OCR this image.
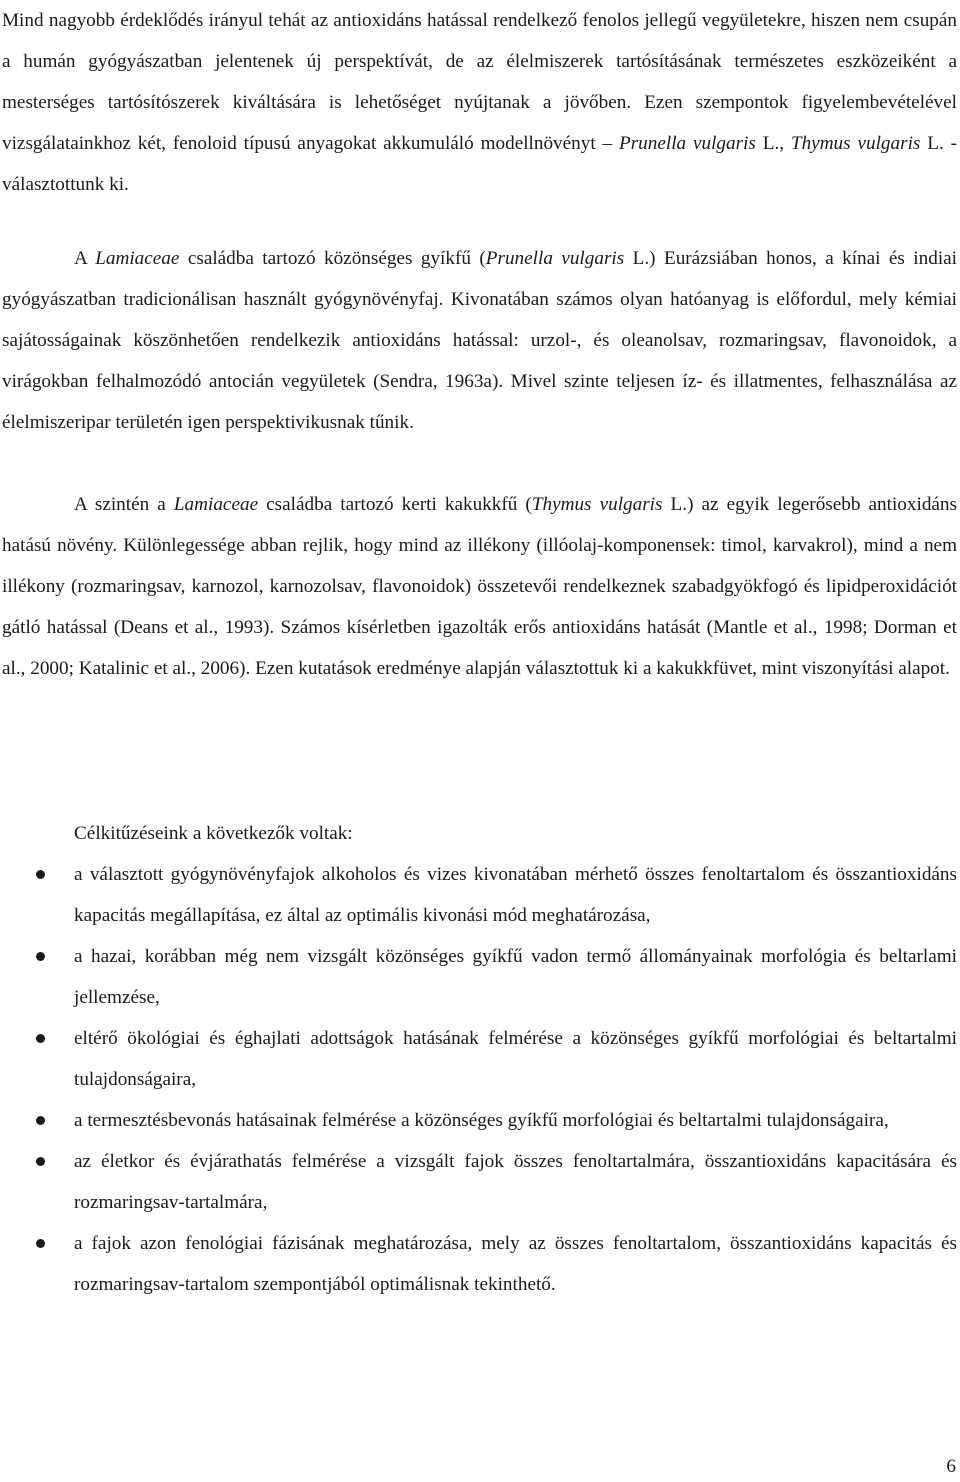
Mind nagyobb érdeklődés irányul tehát az antioxidáns hatással rendelkező fenolos jellegű vegyületekre, hiszen nem csupán a humán gyógyászatban jelentenek új perspektívát, de az élelmiszerek tartósításának természetes eszközeiként a mesterséges tartósítószerek kiváltására is lehetőséget nyújtanak a jövőben. Ezen szempontok figyelembevételével vizsgálatainkhoz két, fenoloid típusú anyagokat akkumuláló modellnövényt – Prunella vulgaris L., Thymus vulgaris L. - választottunk ki.

A Lamiaceae családba tartozó közönséges gyíkfű (Prunella vulgaris L.) Eurázsiában honos, a kínai és indiai gyógyászatban tradicionálisan használt gyógynövényfaj. Kivonatában számos olyan hatóanyag is előfordul, mely kémiai sajátosságainak köszönhetően rendelkezik antioxidáns hatással: urzol-, és oleanolsav, rozmaringsav, flavonoidok, a virágokban felhalmozódó antocián vegyületek (Sendra, 1963a). Mivel szinte teljesen íz- és illatmentes, felhasználása az élelmiszeripar területén igen perspektivikusnak tűnik.

A szintén a Lamiaceae családba tartozó kerti kakukkfű (Thymus vulgaris L.) az egyik legerősebb antioxidáns hatású növény. Különlegessége abban rejlik, hogy mind az illékony (illóolaj-komponensek: timol, karvakrol), mind a nem illékony (rozmaringsav, karnozol, karnozolsav, flavonoidok) összetevői rendelkeznek szabadgyökfogó és lipidperoxidációt gátló hatással (Deans et al., 1993). Számos kísérletben igazolták erős antioxidáns hatását (Mantle et al., 1998; Dorman et al., 2000; Katalinic et al., 2006). Ezen kutatások eredménye alapján választottuk ki a kakukkfüvet, mint viszonyítási alapot.

Célkitűzéseink a következők voltak:

a választott gyógynövényfajok alkoholos és vizes kivonatában mérhető összes fenoltartalom és összantioxidáns kapacitás megállapítása, ez által az optimális kivonási mód meghatározása,
a hazai, korábban még nem vizsgált közönséges gyíkfű vadon termő állományainak morfológia és beltarlami jellemzése,
eltérő ökológiai és éghajlati adottságok hatásának felmérése a közönséges gyíkfű morfológiai és beltartalmi tulajdonságaira,
a termesztésbevonás hatásainak felmérése a közönséges gyíkfű morfológiai és beltartalmi tulajdonságaira,
az életkor és évjárathatás felmérése a vizsgált fajok összes fenoltartalmára, összantioxidáns kapacitására és rozmaringsav-tartalmára,
a fajok azon fenológiai fázisának meghatározása, mely az összes fenoltartalom, összantioxidáns kapacitás és rozmaringsav-tartalom szempontjából optimálisnak tekinthető.
6
